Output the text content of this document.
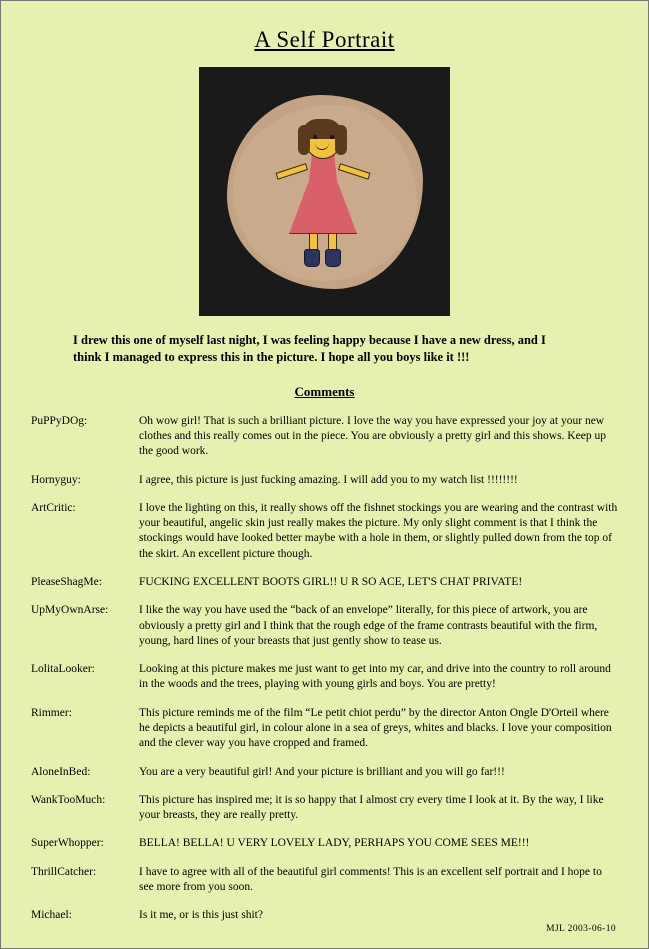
A Self Portrait

I drew this one of myself last night, I was feeling happy because I have a new dress, and I think I managed to express this in the picture. I hope all you boys like it !!!

Comments
PuPPyDOg:	Oh wow girl! That is such a brilliant picture. I love the way you have expressed your joy at your new clothes and this really comes out in the piece. You are obviously a pretty girl and this shows. Keep up the good work.
Hornyguy:	I agree, this picture is just fucking amazing. I will add you to my watch list !!!!!!!!
ArtCritic:	I love the lighting on this, it really shows off the fishnet stockings you are wearing and the contrast with your beautiful, angelic skin just really makes the picture. My only slight comment is that I think the stockings would have looked better maybe with a hole in them, or slightly pulled down from the top of the skirt. An excellent picture though.
PleaseShagMe:	FUCKING EXCELLENT BOOTS GIRL!! U R SO ACE, LET'S CHAT PRIVATE!
UpMyOwnArse:	I like the way you have used the “back of an envelope” literally, for this piece of artwork, you are obviously a pretty girl and I think that the rough edge of the frame contrasts beautiful with the firm, young, hard lines of your breasts that just gently show to tease us.
LolitaLooker:	Looking at this picture makes me just want to get into my car, and drive into the country to roll around in the woods and the trees, playing with young girls and boys. You are pretty!
Rimmer:	This picture reminds me of the film “Le petit chiot perdu” by the director Anton Ongle D'Orteil where he depicts a beautiful girl, in colour alone in a sea of greys, whites and blacks. I love your composition and the clever way you have cropped and framed.
AloneInBed:	You are a very beautiful girl! And your picture is brilliant and you will go far!!!
WankTooMuch:	This picture has inspired me; it is so happy that I almost cry every time I look at it. By the way, I like your breasts, they are really pretty.
SuperWhopper:	BELLA! BELLA! U VERY LOVELY LADY, PERHAPS YOU COME SEES ME!!!
ThrillCatcher:	I have to agree with all of the beautiful girl comments! This is an excellent self portrait and I hope to see more from you soon.
Michael:	Is it me, or is this just shit?
MJL 2003-06-10
